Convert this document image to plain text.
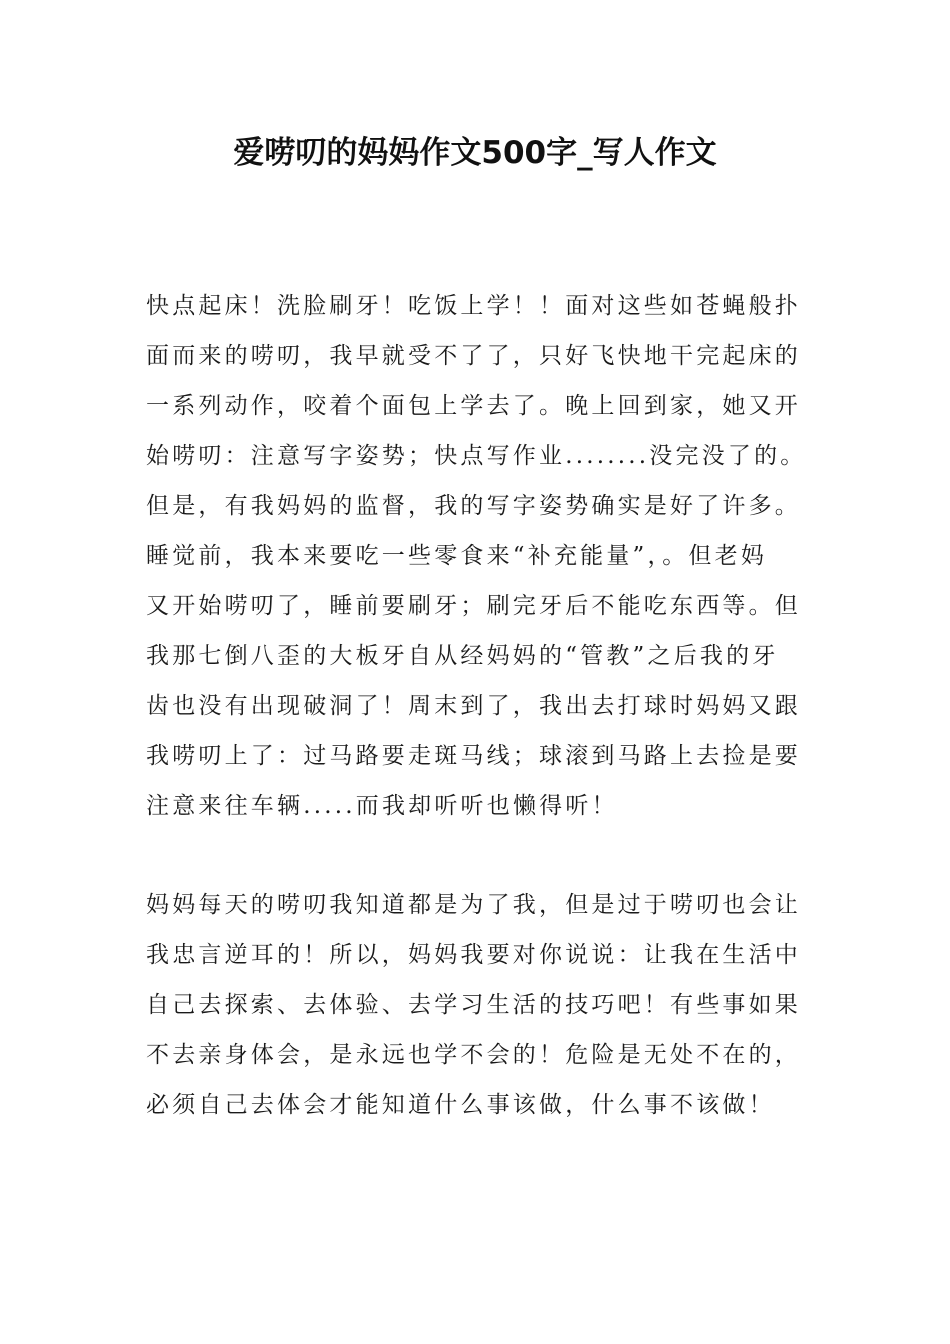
爱唠叨的妈妈作文500字_写人作文
快点起床！洗脸刷牙！吃饭上学！！面对这些如苍蝇般扑
面而来的唠叨，我早就受不了了，只好飞快地干完起床的
一系列动作，咬着个面包上学去了。晚上回到家，她又开
始唠叨：注意写字姿势；快点写作业........没完没了的。
但是，有我妈妈的监督，我的写字姿势确实是好了许多。
睡觉前，我本来要吃一些零食来“补充能量”，。但老妈
又开始唠叨了，睡前要刷牙；刷完牙后不能吃东西等。但
我那七倒八歪的大板牙自从经妈妈的“管教”之后我的牙
齿也没有出现破洞了！周末到了，我出去打球时妈妈又跟
我唠叨上了：过马路要走斑马线；球滚到马路上去捡是要
注意来往车辆.....而我却听听也懒得听！
妈妈每天的唠叨我知道都是为了我，但是过于唠叨也会让
我忠言逆耳的！所以，妈妈我要对你说说：让我在生活中
自己去探索、去体验、去学习生活的技巧吧！有些事如果
不去亲身体会，是永远也学不会的！危险是无处不在的，
必须自己去体会才能知道什么事该做，什么事不该做！
